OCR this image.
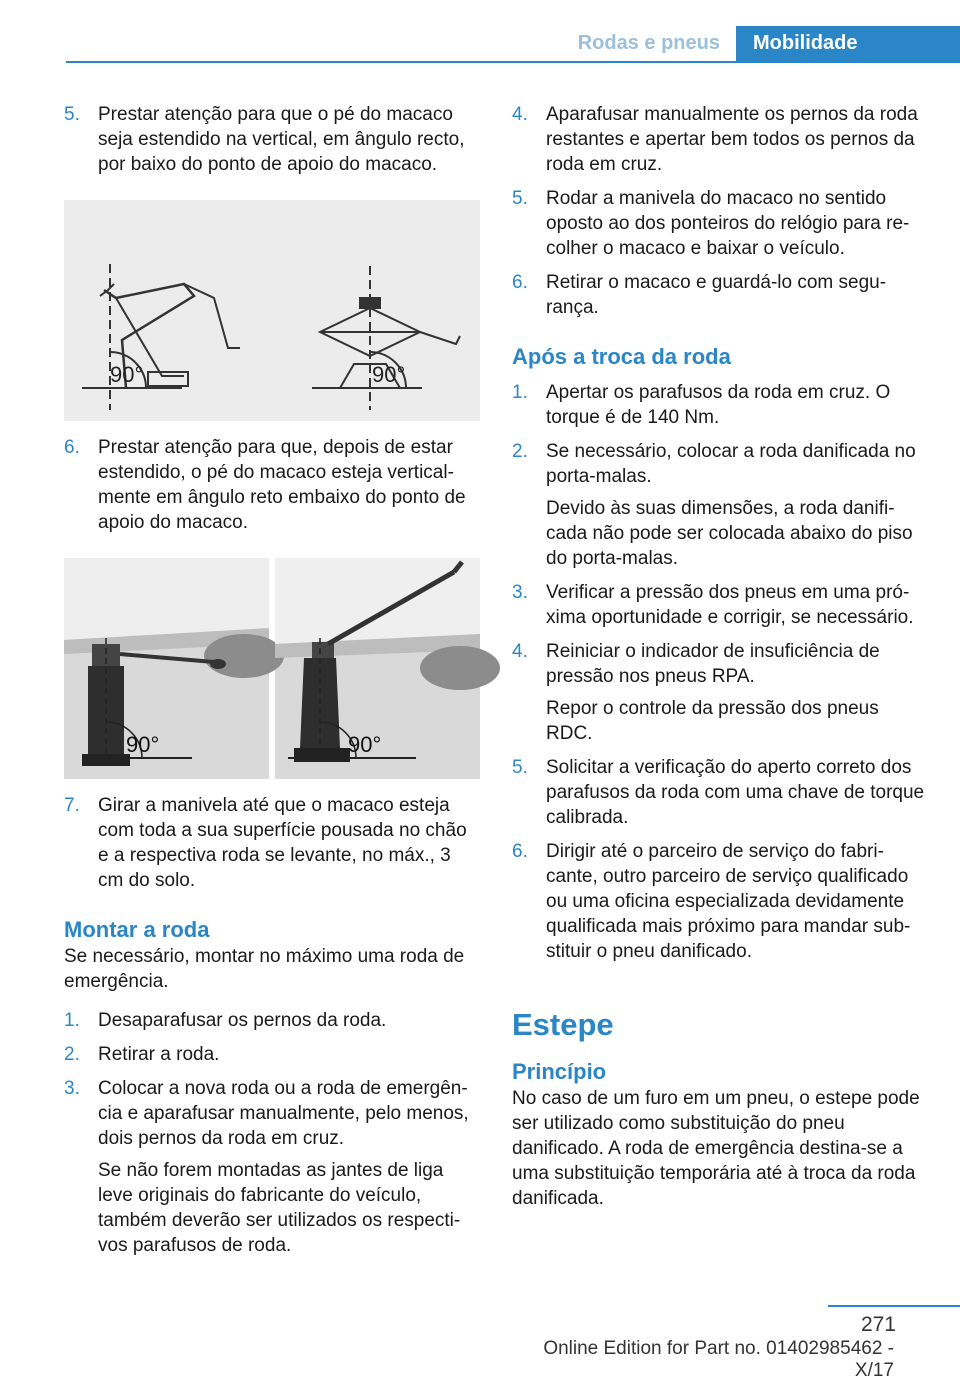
Rodas e pneus	Mobilidade
5. Prestar atenção para que o pé do macaco seja estendido na vertical, em ângulo recto, por baixo do ponto de apoio do macaco.

90°	90°
6. Prestar atenção para que, depois de estar estendido, o pé do macaco esteja verticalmente em ângulo reto embaixo do ponto de apoio do macaco.

90°	90°
7. Girar a manivela até que o macaco esteja com toda a sua superfície pousada no chão e a respectiva roda se levante, no máx., 3 cm do solo.

Montar a roda

Se necessário, montar no máximo uma roda de emergência.

1. Desaparafusar os pernos da roda.

2. Retirar a roda.

3. Colocar a nova roda ou a roda de emergência e aparafusar manualmente, pelo menos, dois pernos da roda em cruz.

Se não forem montadas as jantes de liga leve originais do fabricante do veículo, também deverão ser utilizados os respectivos parafusos de roda.

4. Aparafusar manualmente os pernos da roda restantes e apertar bem todos os pernos da roda em cruz.

5. Rodar a manivela do macaco no sentido oposto ao dos ponteiros do relógio para recolher o macaco e baixar o veículo.

6. Retirar o macaco e guardá-lo com segurança.

Após a troca da roda
1. Apertar os parafusos da roda em cruz. O torque é de 140 Nm.

2. Se necessário, colocar a roda danificada no porta-malas.

Devido às suas dimensões, a roda danificada não pode ser colocada abaixo do piso do porta-malas.

3. Verificar a pressão dos pneus em uma próxima oportunidade e corrigir, se necessário.

4. Reiniciar o indicador de insuficiência de pressão nos pneus RPA.

Repor o controle da pressão dos pneus RDC.

5. Solicitar a verificação do aperto correto dos parafusos da roda com uma chave de torque calibrada.

6. Dirigir até o parceiro de serviço do fabricante, outro parceiro de serviço qualificado ou uma oficina especializada devidamente qualificada mais próximo para mandar substituir o pneu danificado.

Estepe
Princípio

No caso de um furo em um pneu, o estepe pode ser utilizado como substituição do pneu danificado. A roda de emergência destina-se a uma substituição temporária até à troca da roda danificada.

271
Online Edition for Part no. 01402985462 - X/17
